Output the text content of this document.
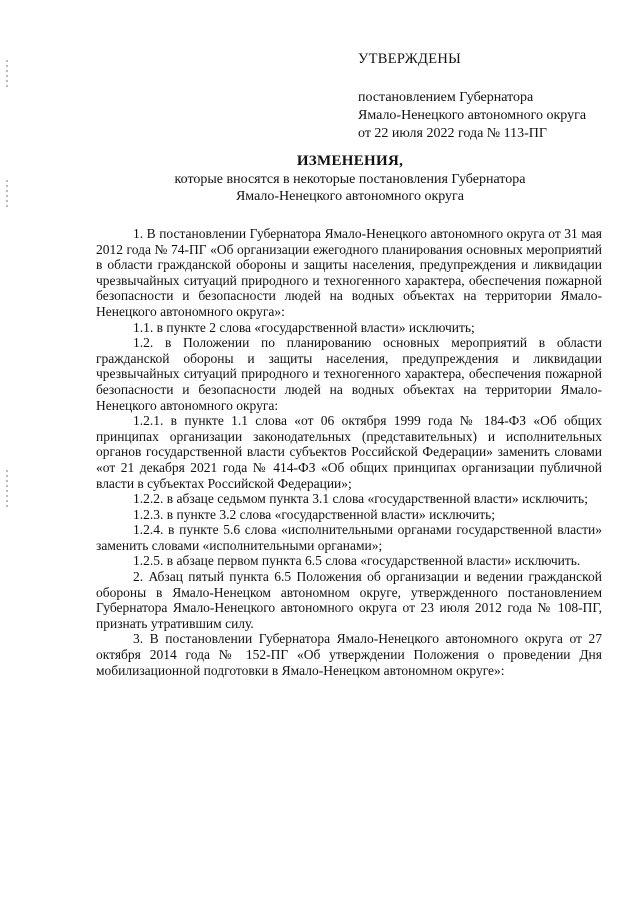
УТВЕРЖДЕНЫ
постановлением Губернатора
Ямало-Ненецкого автономного округа
от 22 июля 2022 года № 113-ПГ
ИЗМЕНЕНИЯ,
которые вносятся в некоторые постановления Губернатора
Ямало-Ненецкого автономного округа

1. В постановлении Губернатора Ямало-Ненецкого автономного округа от 31 мая 2012 года № 74-ПГ «Об организации ежегодного планирования основных мероприятий в области гражданской обороны и защиты населения, предупреждения и ликвидации чрезвычайных ситуаций природного и техногенного характера, обеспечения пожарной безопасности и безопасности людей на водных объектах на территории Ямало-Ненецкого автономного округа»:

1.1. в пункте 2 слова «государственной власти» исключить;

1.2. в Положении по планированию основных мероприятий в области гражданской обороны и защиты населения, предупреждения и ликвидации чрезвычайных ситуаций природного и техногенного характера, обеспечения пожарной безопасности и безопасности людей на водных объектах на территории Ямало-Ненецкого автономного округа:

1.2.1. в пункте 1.1 слова «от 06 октября 1999 года № 184-ФЗ «Об общих принципах организации законодательных (представительных) и исполнительных органов государственной власти субъектов Российской Федерации» заменить словами «от 21 декабря 2021 года № 414-ФЗ «Об общих принципах организации публичной власти в субъектах Российской Федерации»;

1.2.2. в абзаце седьмом пункта 3.1 слова «государственной власти» исключить;

1.2.3. в пункте 3.2 слова «государственной власти» исключить;

1.2.4. в пункте 5.6 слова «исполнительными органами государственной власти» заменить словами «исполнительными органами»;

1.2.5. в абзаце первом пункта 6.5 слова «государственной власти» исключить.

2. Абзац пятый пункта 6.5 Положения об организации и ведении гражданской обороны в Ямало-Ненецком автономном округе, утвержденного постановлением Губернатора Ямало-Ненецкого автономного округа от 23 июля 2012 года № 108-ПГ, признать утратившим силу.

3. В постановлении Губернатора Ямало-Ненецкого автономного округа от 27 октября 2014 года № 152-ПГ «Об утверждении Положения о проведении Дня мобилизационной подготовки в Ямало-Ненецком автономном округе»:
